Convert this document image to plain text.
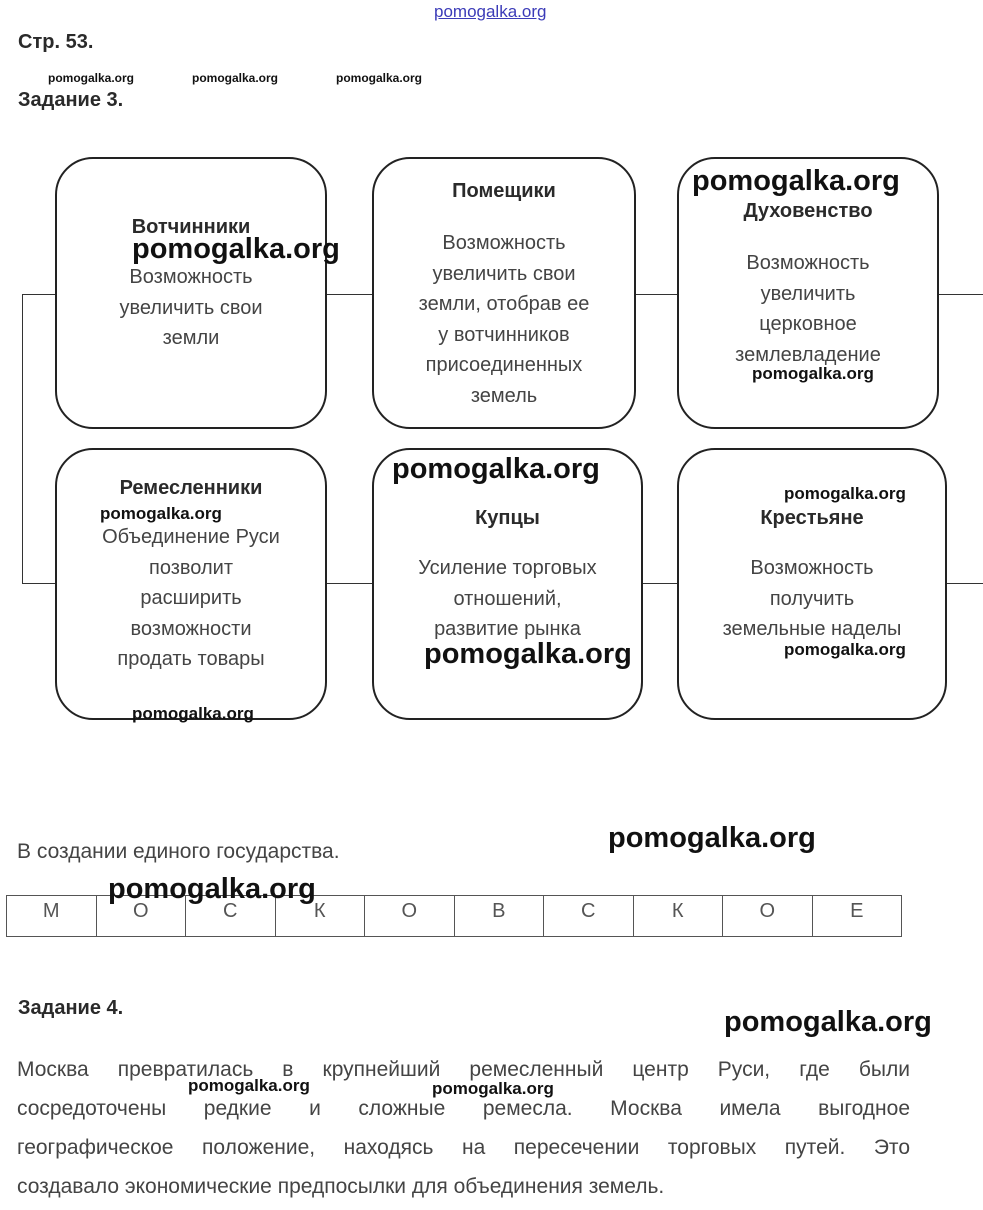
pomogalka.org
Стр. 53.
pomogalka.org	pomogalka.org	pomogalka.org
Задание 3.
Вотчинники
Возможность
увеличить свои
земли
Помещики
Возможность
увеличить свои
земли, отобрав ее
у вотчинников
присоединенных
земель
Духовенство
Возможность
увеличить
церковное
землевладение
Ремесленники
Объединение Руси
позволит
расширить
возможности
продать товары
Купцы
Усиление торговых
отношений,
развитие рынка
Крестьяне
Возможность
получить
земельные наделы
pomogalka.org
pomogalka.org
pomogalka.org
pomogalka.org
pomogalka.org
pomogalka.org
pomogalka.org	pomogalka.org
pomogalka.org
В создании единого государства.	pomogalka.org
М	О	С	К	О	В	С	К	О	Е
pomogalka.org
Задание 4.	pomogalka.org
Москва превратилась в крупнейший ремесленный центр Руси, где были
сосредоточены редкие и сложные ремесла. Москва имела выгодное
географическое положение, находясь на пересечении торговых путей. Это
создавало экономические предпосылки для объединения земель.
pomogalka.org	pomogalka.org
